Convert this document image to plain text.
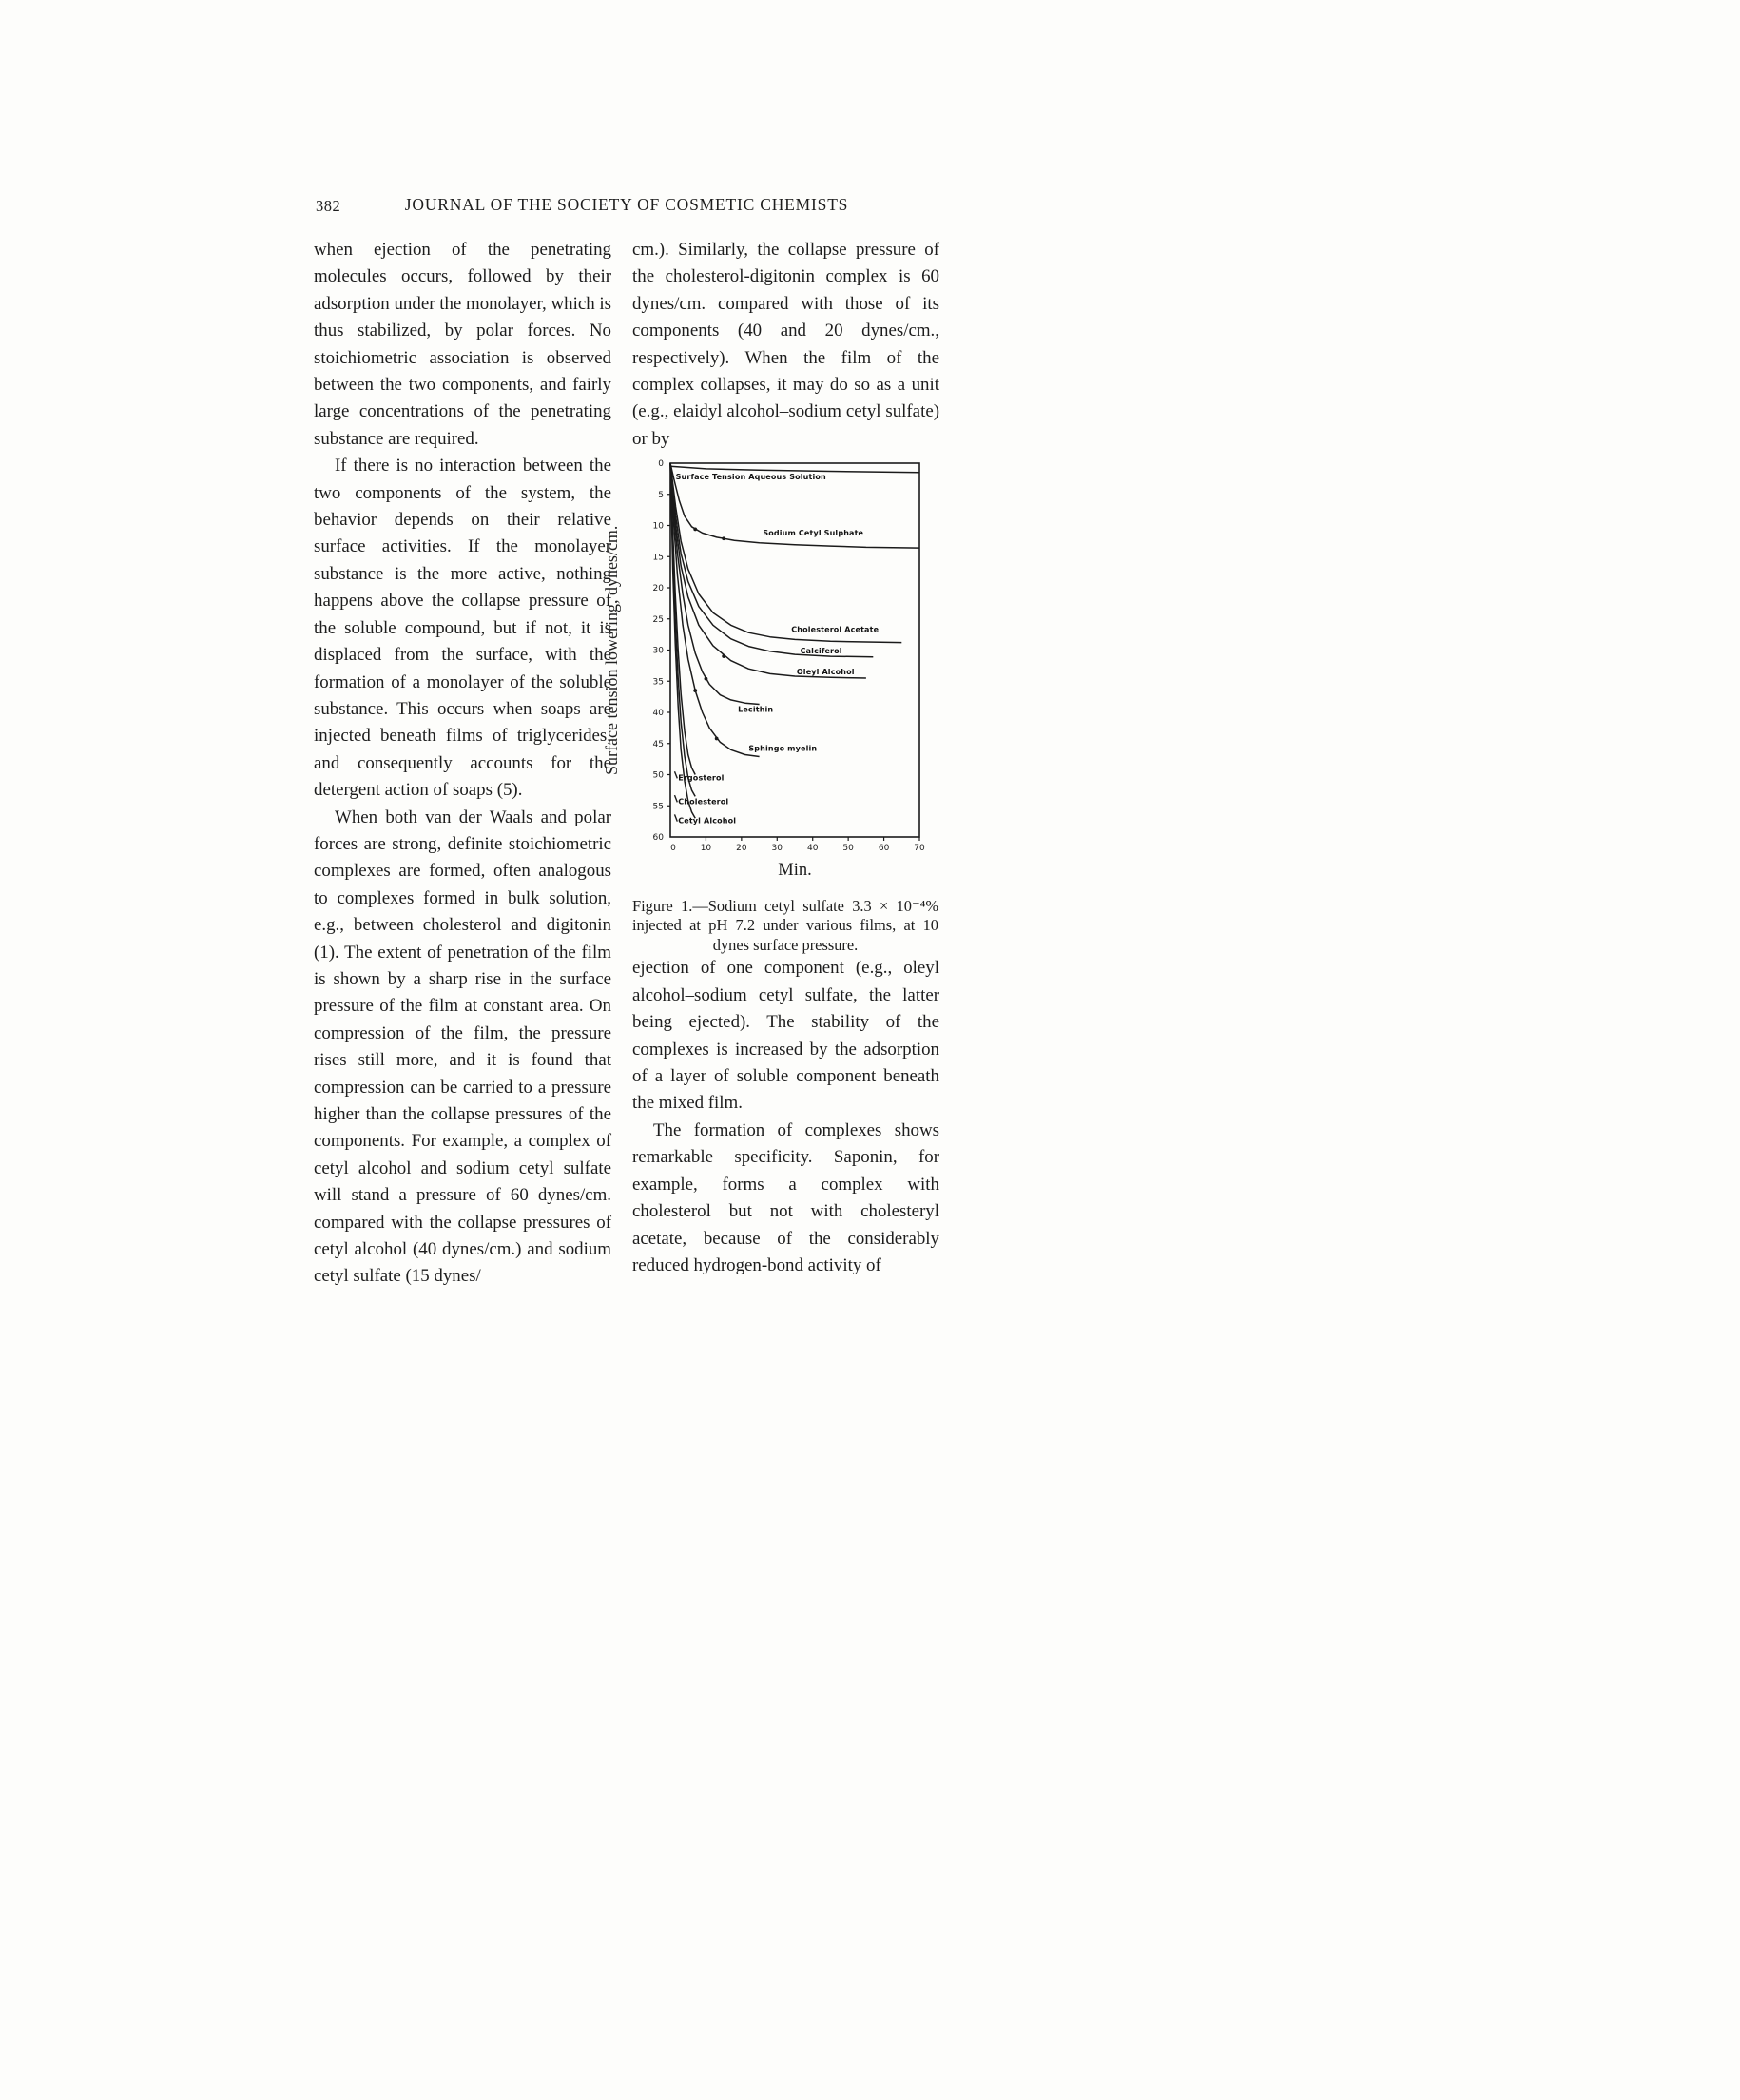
382	JOURNAL OF THE SOCIETY OF COSMETIC CHEMISTS

when ejection of the penetrating molecules occurs, followed by their adsorption under the monolayer, which is thus stabilized, by polar forces. No stoichiometric association is observed between the two components, and fairly large concentrations of the penetrating substance are required.

If there is no interaction between the two components of the system, the behavior depends on their relative surface activities. If the monolayer substance is the more active, nothing happens above the collapse pressure of the soluble compound, but if not, it is displaced from the surface, with the formation of a monolayer of the soluble substance. This occurs when soaps are injected beneath films of triglycerides, and consequently accounts for the detergent action of soaps (5).

When both van der Waals and polar forces are strong, definite stoichiometric complexes are formed, often analogous to complexes formed in bulk solution, e.g., between cholesterol and digitonin (1). The extent of penetration of the film is shown by a sharp rise in the surface pressure of the film at constant area. On compression of the film, the pressure rises still more, and it is found that compression can be carried to a pressure higher than the collapse pressures of the components. For example, a complex of cetyl alcohol and sodium cetyl sulfate will stand a pressure of 60 dynes/cm. compared with the collapse pressures of cetyl alcohol (40 dynes/cm.) and sodium cetyl sulfate (15 dynes/

cm.). Similarly, the collapse pressure of the cholesterol-digitonin complex is 60 dynes/cm. compared with those of its components (40 and 20 dynes/cm., respectively). When the film of the complex collapses, it may do so as a unit (e.g., elaidyl alcohol–sodium cetyl sulfate) or by

Surface tension lowering, dynes/cm.
0
5
10
15
20
25
30
35
40
45
50
55
60
0	10	20	30	40	50	60	70
Surface Tension Aqueous Solution
Sodium Cetyl Sulphate
Cholesterol Acetate
Calciferol
Oleyl Alcohol
Lecithin
Sphingo myelin
Ergosterol
Cholesterol
Cetyl Alcohol
Min.
Figure 1.—Sodium cetyl sulfate 3.3 × 10⁻⁴% injected at pH 7.2 under various films, at 10 dynes surface pressure.

ejection of one component (e.g., oleyl alcohol–sodium cetyl sulfate, the latter being ejected). The stability of the complexes is increased by the adsorption of a layer of soluble component beneath the mixed film.

The formation of complexes shows remarkable specificity. Saponin, for example, forms a complex with cholesterol but not with cholesteryl acetate, because of the considerably reduced hydrogen-bond activity of
